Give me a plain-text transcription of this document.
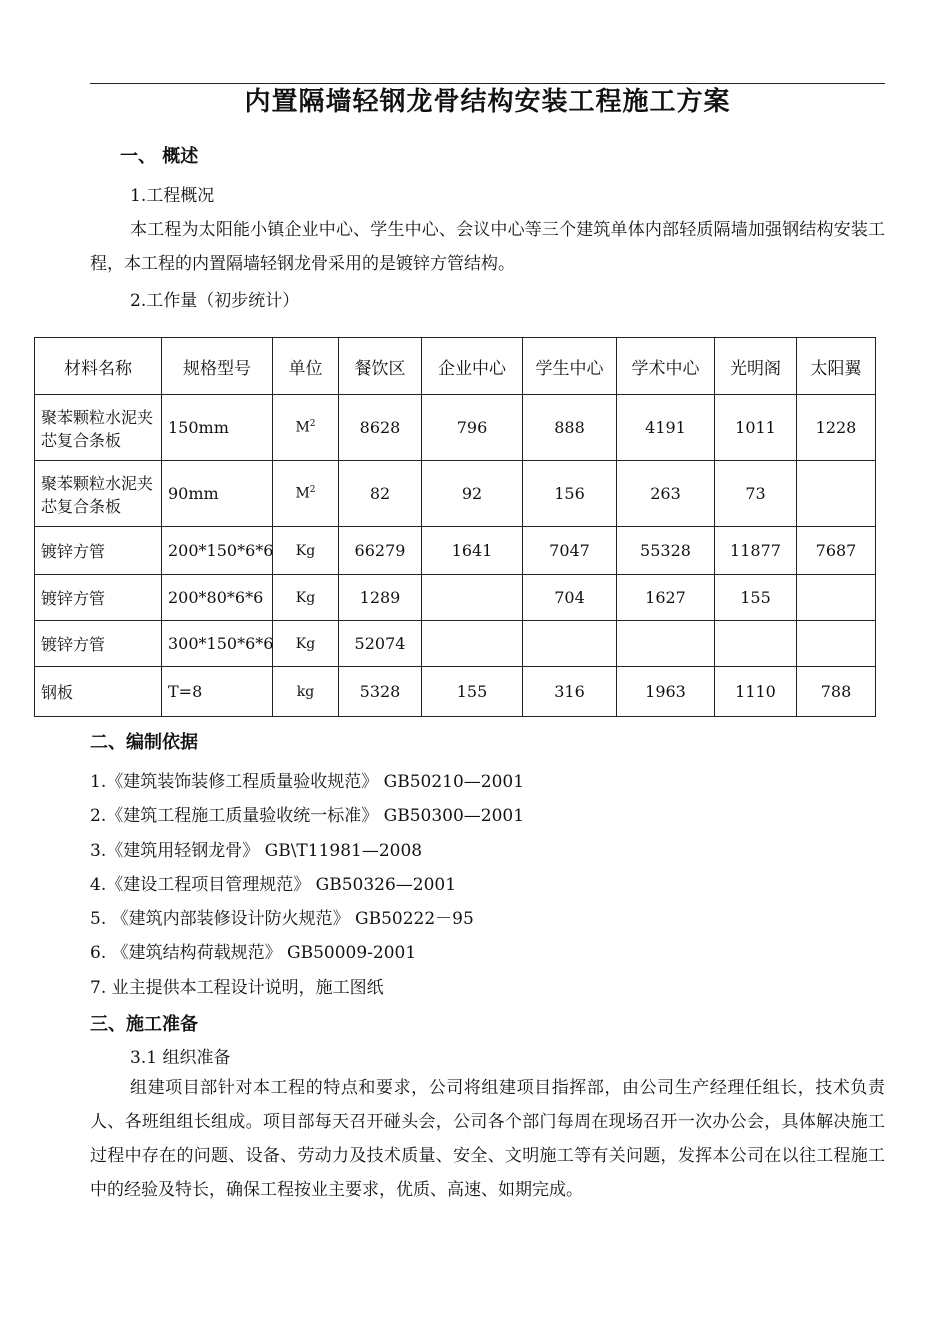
内置隔墙轻钢龙骨结构安装工程施工方案
一、 概述
1.工程概况
本工程为太阳能小镇企业中心、学生中心、会议中心等三个建筑单体内部轻质隔墙加强钢结构安装工程，本工程的内置隔墙轻钢龙骨采用的是镀锌方管结构。
2.工作量（初步统计）
材料名称	规格型号	单位	餐饮区	企业中心	学生中心	学术中心	光明阁	太阳翼
聚苯颗粒水泥夹芯复合条板	150mm	$M^2$	8628	796	888	4191	1011	1228
聚苯颗粒水泥夹芯复合条板	90mm	$M^2$	82	92	156	263	73	
镀锌方管	200*150*6*6	Kg	66279	1641	7047	55328	11877	7687
镀锌方管	200*80*6*6	Kg	1289		704	1627	155	
镀锌方管	300*150*6*6	Kg	52074					
钢板	T=8	kg	5328	155	316	1963	1110	788
二、编制依据
1.《建筑装饰装修工程质量验收规范》 GB50210—2001
2.《建筑工程施工质量验收统一标准》 GB50300—2001
3.《建筑用轻钢龙骨》 GB\T11981—2008
4.《建设工程项目管理规范》 GB50326—2001
5. 《建筑内部装修设计防火规范》 GB50222－95
6. 《建筑结构荷载规范》 GB50009-2001
7. 业主提供本工程设计说明，施工图纸
三、施工准备
3.1 组织准备
组建项目部针对本工程的特点和要求，公司将组建项目指挥部，由公司生产经理任组长，技术负责人、各班组组长组成。项目部每天召开碰头会，公司各个部门每周在现场召开一次办公会，具体解决施工过程中存在的问题、设备、劳动力及技术质量、安全、文明施工等有关问题，发挥本公司在以往工程施工中的经验及特长，确保工程按业主要求，优质、高速、如期完成。
